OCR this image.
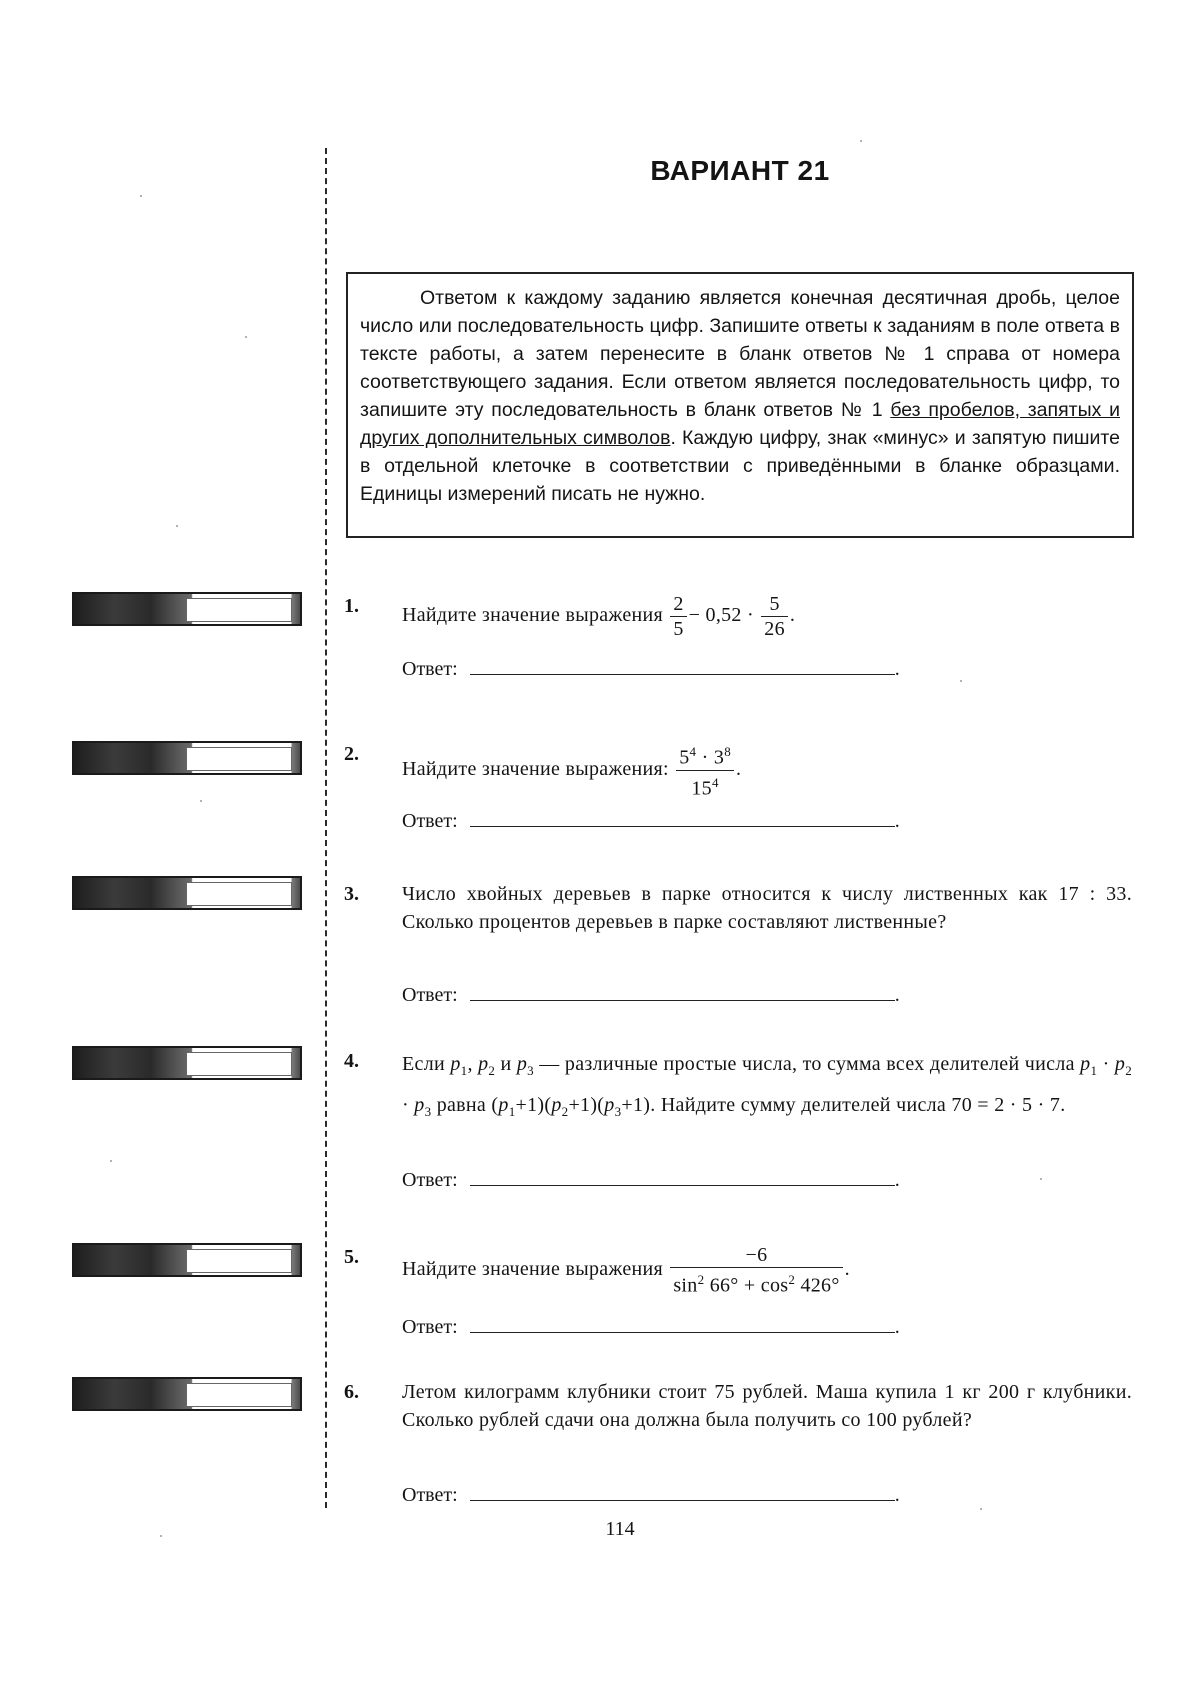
ВАРИАНТ 21

Ответом к каждому заданию является конечная десятичная дробь, целое число или последовательность цифр. Запишите ответы к заданиям в поле ответа в тексте работы, а затем перенесите в бланк ответов № 1 справа от номера соответствующего задания. Если ответом является последовательность цифр, то запишите эту последовательность в бланк ответов № 1 без пробелов, запятых и других дополнительных символов. Каждую цифру, знак «минус» и запятую пишите в отдельной клеточке в соответствии с приведёнными в бланке образцами. Единицы измерений писать не нужно.

1. Найдите значение выражения $\frac{2}{5} - 0,52 \cdot \frac{5}{26}$ .
Ответ:	.
2.
Найдите значение выражения: $\frac{5^4 \cdot 3^8}{15^4}$ .
Ответ:	.
3. Число хвойных деревьев в парке относится к числу лиственных как 17 : 33. Сколько процентов деревьев в парке составляют лиственные?
Ответ:	.
4. Если $p_1$, $p_2$ и $p_3$ — различные простые числа, то сумма всех делителей числа $p_1 \cdot p_2 \cdot p_3$ равна $(p_1+1)(p_2+1)(p_3+1)$. Найдите сумму делителей числа 70 = 2 · 5 · 7.
Ответ:	.
5.
Найдите значение выражения $\frac{-6}{\sin^2 66^\circ + \cos^2 426^\circ}$ .
Ответ:	.
6. Летом килограмм клубники стоит 75 рублей. Маша купила 1 кг 200 г клубники. Сколько рублей сдачи она должна была получить со 100 рублей?
Ответ:	.
114
